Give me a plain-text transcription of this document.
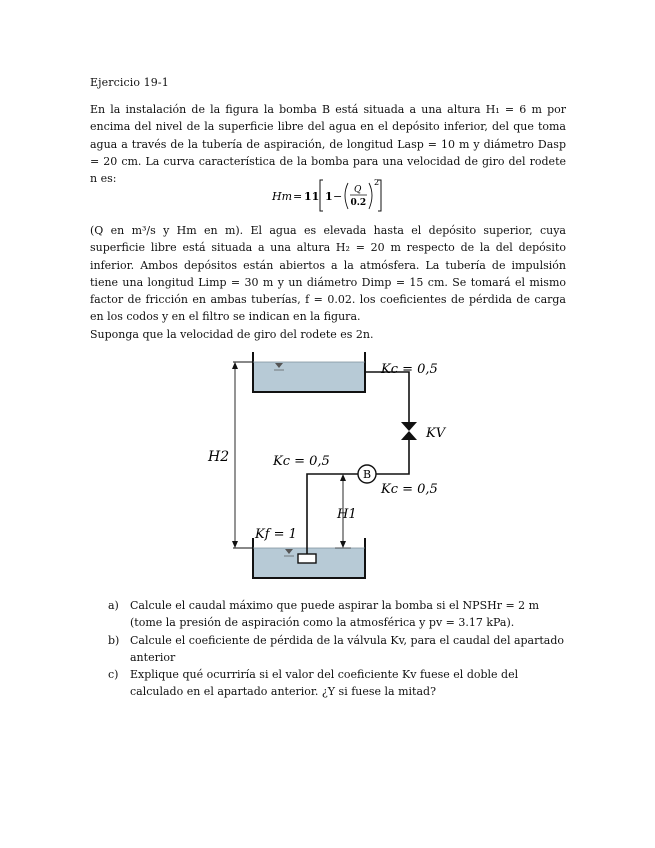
Ejercicio 19-1
En la instalación de la figura la bomba B está situada a una altura H₁ = 6 m por encima del nivel de la superficie libre del agua en el depósito inferior, del que toma agua a través de la tubería de aspiración, de longitud Lasp = 10 m y diámetro Dasp = 20 cm. La curva característica de la bomba para una velocidad de giro del rodete n es:
Hm = 11 1 − Q
0.2
2
(Q en m³/s y Hm en m). El agua es elevada hasta el depósito superior, cuya superficie libre está situada a una altura H₂ = 20 m respecto de la del depósito inferior. Ambos depósitos están abiertos a la atmósfera. La tubería de impulsión tiene una longitud Limp = 30 m y un diámetro Dimp = 15 cm. Se tomará el mismo factor de fricción en ambas tuberías, f = 0.02. los coeficientes de pérdida de carga en los codos y en el filtro se indican en la figura.
Suponga que la velocidad de giro del rodete es 2n.
B
H2
H1
Kc = 0,5
KV
Kc = 0,5
Kc = 0,5
Kf = 1

a) Calcule el caudal máximo que puede aspirar la bomba si el NPSHr = 2 m (tome la presión de aspiración como la atmosférica y pv = 3.17 kPa).

b) Calcule el coeficiente de pérdida de la válvula Kv, para el caudal del apartado anterior

c) Explique qué ocurriría si el valor del coeficiente Kv fuese el doble del calculado en el apartado anterior. ¿Y si fuese la mitad?
